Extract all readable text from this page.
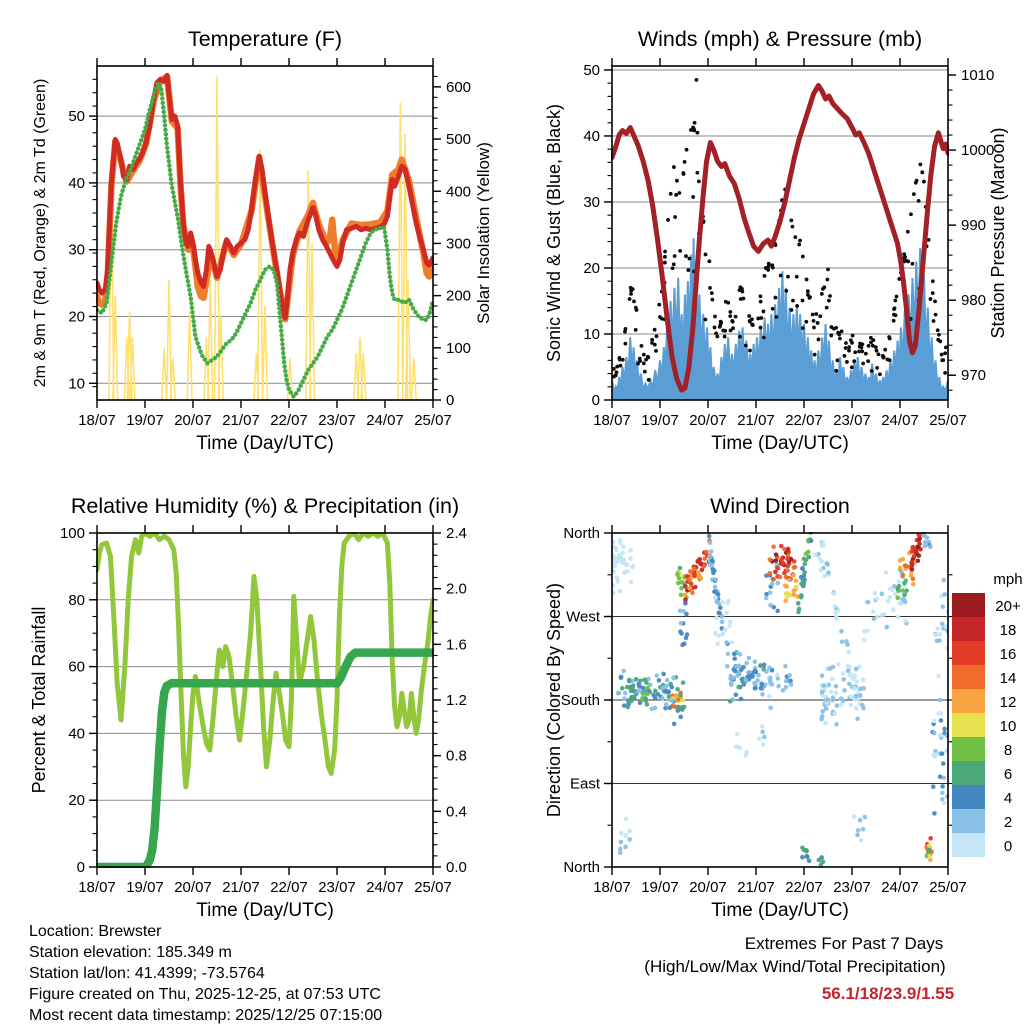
18/07 19/07 20/07 21/07 22/07 23/07 24/07 25/07
10
20
30
40
50
0
100
200
300
400
500
600
Temperature (F)
Time (Day/UTC)
2m & 9m T (Red, Orange) & 2m Td (Green)	Solar Insolation (Yellow)
18/07 19/07 20/07 21/07 22/07 23/07 24/07 25/07
0
10
20
30
40
50
970
980
990
1000
1010
Winds (mph) & Pressure (mb)
Time (Day/UTC)
Sonic Wind & Gust (Blue, Black)	Station Pressure (Maroon)
18/07 19/07 20/07 21/07 22/07 23/07 24/07 25/07
0
20
40
60
80
100
0.0
0.4
0.8
1.2
1.6
2.0
2.4
Relative Humidity (%) & Precipitation (in)
Time (Day/UTC)
Percent & Total Rainfall
18/07 19/07 20/07 21/07 22/07 23/07 24/07 25/07
North
West
South
East
North
Wind Direction
Time (Day/UTC)
Direction (Colored By Speed)
mph
20+
18
16
14
12
10
8
6
4
2
0
Location: Brewster
Station elevation: 185.349 m
Station lat/lon: 41.4399; -73.5764
Figure created on Thu, 2025-12-25, at 07:53 UTC
Most recent data timestamp: 2025/12/25 07:15:00
Extremes For Past 7 Days
(High/Low/Max Wind/Total Precipitation)
56.1/18/23.9/1.55
